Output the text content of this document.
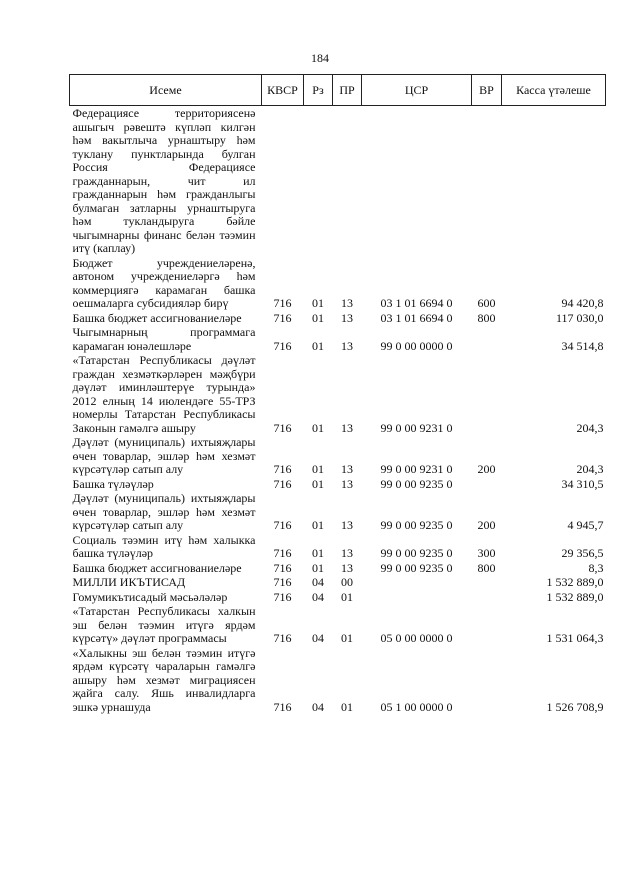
184
Исеме	КВСР	Рз	ПР	ЦСР	ВР	Касса үтәлеше
Федерациясе территориясенә ашыгыч рәвештә күпләп килгән һәм вакытлыча урнаштыру һәм туклану пунктларында булган Россия Федерациясе гражданнарын, чит ил гражданнарын һәм гражданлыгы булмаган затларны урнаштыруга һәм тукландыруга бәйле чыгымнарны финанс белән тәэмин итү (каплау)						
Бюджет учреждениеләренә, автоном учреждениеләргә һәм коммерциягә карамаган башка оешмаларга субсидияләр бирү	716	01	13	03 1 01 6694 0	600	94 420,8
Башка бюджет ассигнованиеләре	716	01	13	03 1 01 6694 0	800	117 030,0
Чыгымнарның программага карамаган юнәлешләре	716	01	13	99 0 00 0000 0		34 514,8
«Татарстан Республикасы дәүләт граждан хезмәткәрләрен мәҗбүри дәүләт иминләштерүе турында» 2012 елның 14 июлендәге 55-ТРЗ номерлы Татарстан Республикасы Законын гамәлгә ашыру	716	01	13	99 0 00 9231 0		204,3
Дәүләт (муниципаль) ихтыяҗлары өчен товарлар, эшләр һәм хезмәт күрсәтүләр сатып алу	716	01	13	99 0 00 9231 0	200	204,3
Башка түләүләр	716	01	13	99 0 00 9235 0		34 310,5
Дәүләт (муниципаль) ихтыяҗлары өчен товарлар, эшләр һәм хезмәт күрсәтүләр сатып алу	716	01	13	99 0 00 9235 0	200	4 945,7
Социаль тәэмин итү һәм халыкка башка түләүләр	716	01	13	99 0 00 9235 0	300	29 356,5
Башка бюджет ассигнованиеләре	716	01	13	99 0 00 9235 0	800	8,3
МИЛЛИ ИКЪТИСАД	716	04	00			1 532 889,0
Гомумикътисадый мәсьәләләр	716	04	01			1 532 889,0
«Татарстан Республикасы халкын эш белән тәэмин итүгә ярдәм күрсәтү» дәүләт программасы	716	04	01	05 0 00 0000 0		1 531 064,3
«Халыкны эш белән тәэмин итүгә ярдәм күрсәтү чараларын гамәлгә ашыру һәм хезмәт миграциясен җайга салу. Яшь инвалидларга эшкә урнашуда	716	04	01	05 1 00 0000 0		1 526 708,9
